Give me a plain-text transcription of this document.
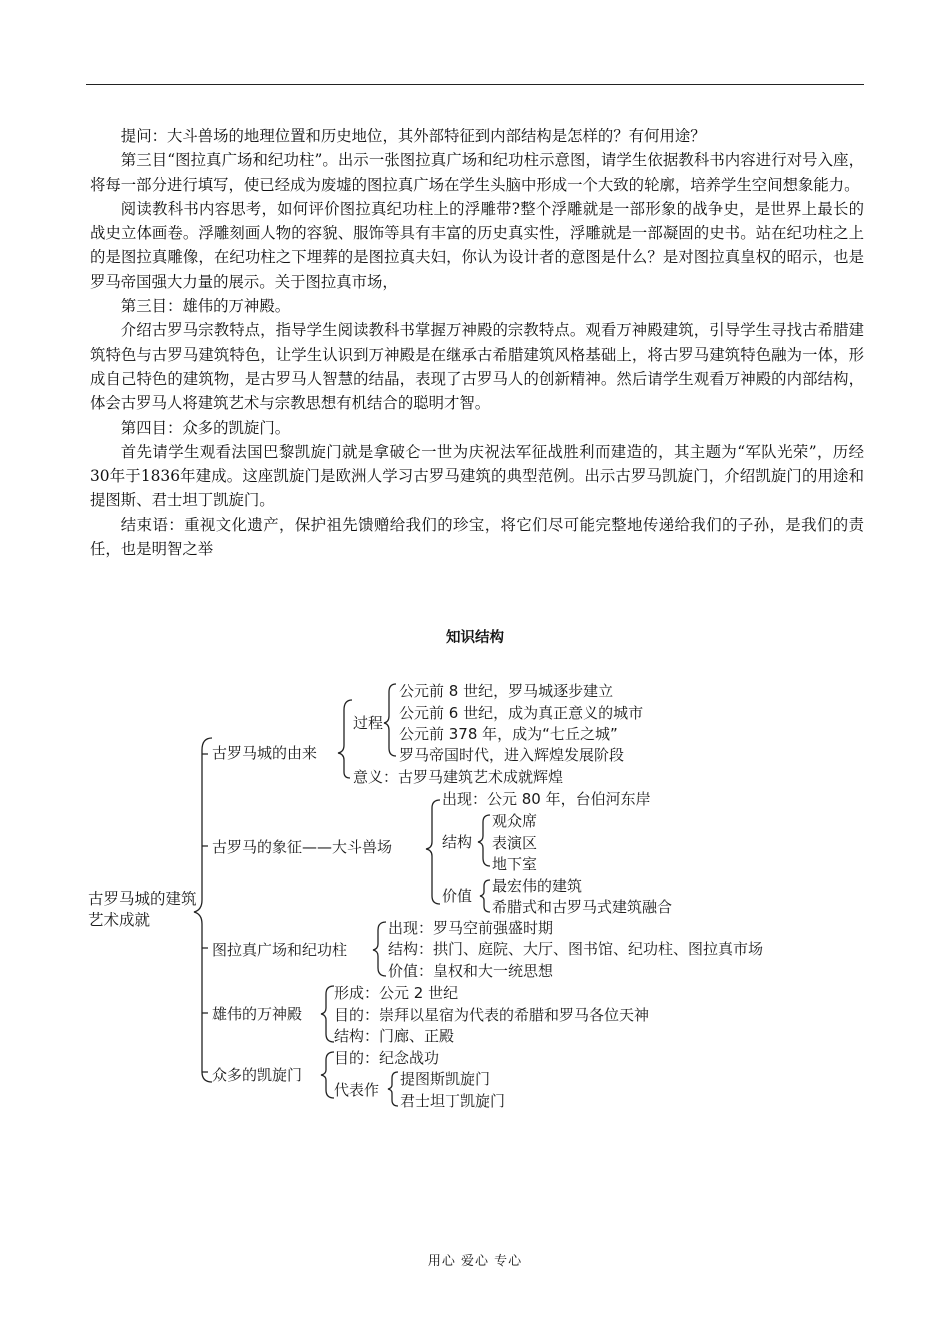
提问：大斗兽场的地理位置和历史地位，其外部特征到内部结构是怎样的？有何用途？

第三目“图拉真广场和纪功柱”。出示一张图拉真广场和纪功柱示意图，请学生依据教科书内容进行对号入座，将每一部分进行填写，使已经成为废墟的图拉真广场在学生头脑中形成一个大致的轮廓，培养学生空间想象能力。

阅读教科书内容思考，如何评价图拉真纪功柱上的浮雕带?整个浮雕就是一部形象的战争史，是世界上最长的战史立体画卷。浮雕刻画人物的容貌、服饰等具有丰富的历史真实性，浮雕就是一部凝固的史书。站在纪功柱之上的是图拉真雕像，在纪功柱之下埋葬的是图拉真夫妇，你认为设计者的意图是什么？是对图拉真皇权的昭示，也是罗马帝国强大力量的展示。关于图拉真市场，

第三目：雄伟的万神殿。

介绍古罗马宗教特点，指导学生阅读教科书掌握万神殿的宗教特点。观看万神殿建筑，引导学生寻找古希腊建筑特色与古罗马建筑特色，让学生认识到万神殿是在继承古希腊建筑风格基础上，将古罗马建筑特色融为一体，形成自己特色的建筑物，是古罗马人智慧的结晶，表现了古罗马人的创新精神。然后请学生观看万神殿的内部结构，体会古罗马人将建筑艺术与宗教思想有机结合的聪明才智。

第四目：众多的凯旋门。

首先请学生观看法国巴黎凯旋门就是拿破仑一世为庆祝法军征战胜利而建造的，其主题为“军队光荣”，历经30年于1836年建成。这座凯旋门是欧洲人学习古罗马建筑的典型范例。出示古罗马凯旋门，介绍凯旋门的用途和提图斯、君士坦丁凯旋门。

结束语：重视文化遗产，保护祖先馈赠给我们的珍宝，将它们尽可能完整地传递给我们的子孙，是我们的责任，也是明智之举

知识结构
古罗马城的建筑艺术成就
古罗马城的由来
过程
公元前 8 世纪，罗马城逐步建立
公元前 6 世纪，成为真正意义的城市
公元前 378 年，成为“七丘之城”
罗马帝国时代，进入辉煌发展阶段
意义：古罗马建筑艺术成就辉煌
古罗马的象征——大斗兽场
出现：公元 80 年，台伯河东岸
结构
观众席
表演区
地下室
价值
最宏伟的建筑
希腊式和古罗马式建筑融合
图拉真广场和纪功柱
出现：罗马空前强盛时期
结构：拱门、庭院、大厅、图书馆、纪功柱、图拉真市场
价值：皇权和大一统思想
雄伟的万神殿
形成：公元 2 世纪
目的：崇拜以星宿为代表的希腊和罗马各位天神
结构：门廊、正殿
众多的凯旋门
目的：纪念战功
代表作
提图斯凯旋门
君士坦丁凯旋门
用心 爱心 专心
